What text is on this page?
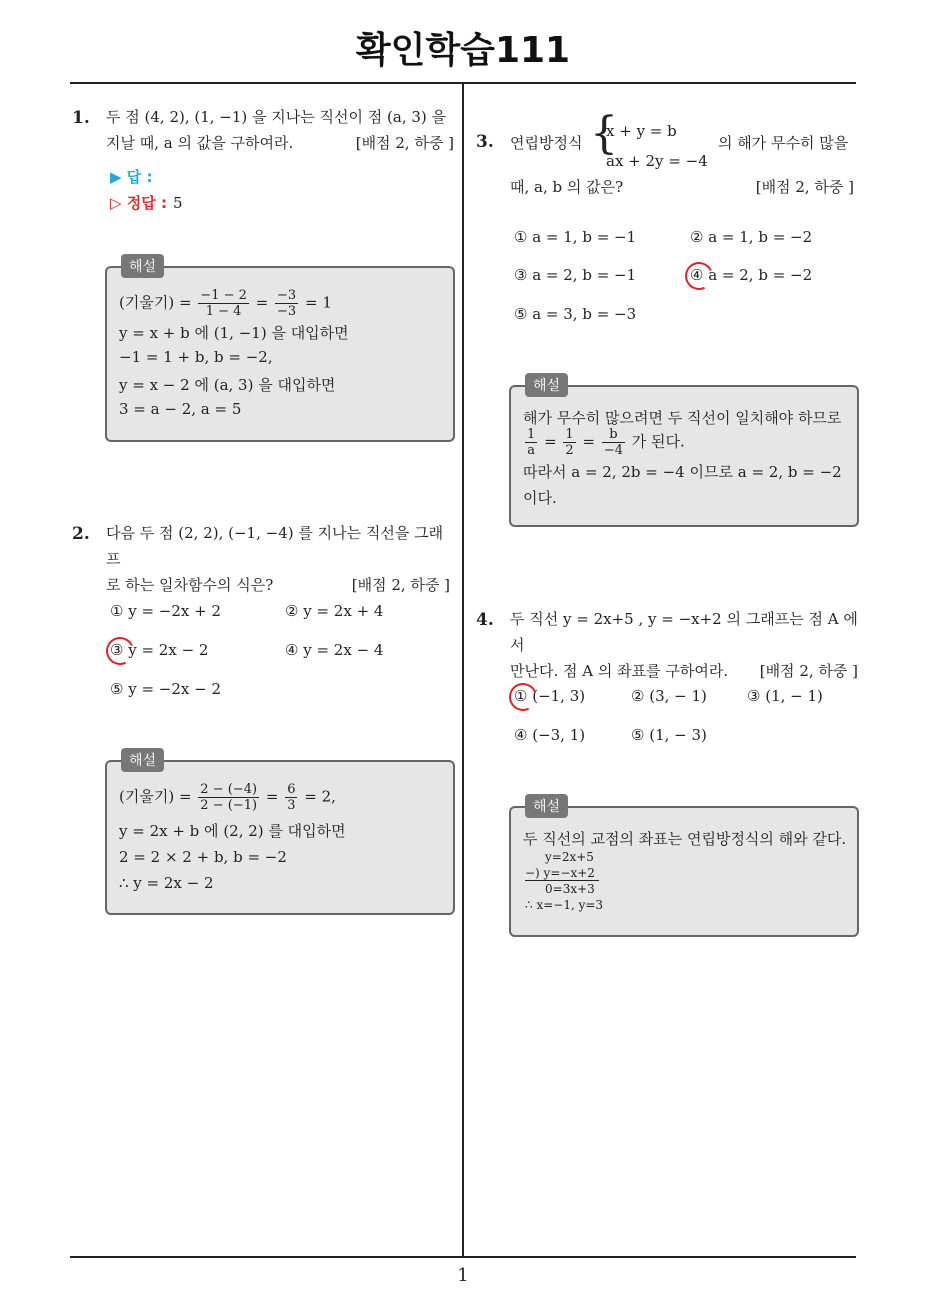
확인학습111
1
1. 두 점 (4, 2), (1, −1) 을 지나는 직선이 점 (a, 3) 을
지날 때, a 의 값을 구하여라.	[배점 2, 하중 ]
▶ 답 :
▷ 정답 : 5
해설
(기울기) = $\frac{-1 - 2}{1 - 4} = \frac{-3}{-3} = 1$
y = x + b 에 (1, −1) 을 대입하면
−1 = 1 + b, b = −2,
y = x − 2 에 (a, 3) 을 대입하면
3 = a − 2, a = 5
2. 다음 두 점 (2, 2), (−1, −4) 를 지나는 직선을 그래프
로 하는 일차함수의 식은?	[배점 2, 하중 ]
① y = −2x + 2	② y = 2x + 4
③ y = 2x − 2	④ y = 2x − 4
⑤ y = −2x − 2
해설
(기울기) = $\frac{2 - (-4)}{2 - (-1)} = \frac{6}{3} = 2$,
y = 2x + b 에 (2, 2) 를 대입하면
2 = 2 × 2 + b, b = −2
∴ y = 2x − 2
3. 연립방정식 {
x + y = b
ax + 2y = −4
의 해가 무수히 많을
때, a, b 의 값은?	[배점 2, 하중 ]
① a = 1, b = −1	② a = 1, b = −2
③ a = 2, b = −1	④ a = 2, b = −2
⑤ a = 3, b = −3
해설
해가 무수히 많으려면 두 직선이 일치해야 하므로
$\frac{1}{a} = \frac{1}{2} = \frac{b}{-4}$ 가 된다.
따라서 a = 2, 2b = −4 이므로 a = 2, b = −2
이다.
4. 두 직선 y = 2x+5 , y = −x+2 의 그래프는 점 A 에서
만난다. 점 A 의 좌표를 구하여라. [배점 2, 하중 ]
① (−1, 3)	② (3, − 1)	③ (1, − 1)
④ (−3, 1)	⑤ (1, − 3)
해설
두 직선의 교점의 좌표는 연립방정식의 해와 같다.
y=2x+5
−) y=−x+2
0=3x+3
∴ x=−1, y=3
